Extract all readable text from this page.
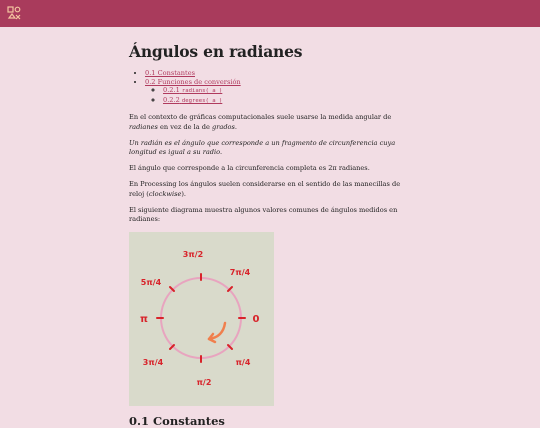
Ángulos en radianes
• 0.1 Constantes
• 0.2 Funciones de conversión
◦ 0.2.1 radians( a )
◦ 0.2.2 degrees( a )

En el contexto de gráficas computacionales suele usarse la medida angular de radianes en vez de la de grados.

Un radián es el ángulo que corresponde a un fragmento de circunferencia cuya longitud es igual a su radio.

El ángulo que corresponde a la circunferencia completa es 2π radianes.

En Processing los ángulos suelen considerarse en el sentido de las manecillas de reloj (clockwise).

El siguiente diagrama muestra algunos valores comunes de ángulos medidos en radianes:

0
π/4
π/2
3π/4
π
5π/4
3π/2
7π/4
0.1 Constantes
